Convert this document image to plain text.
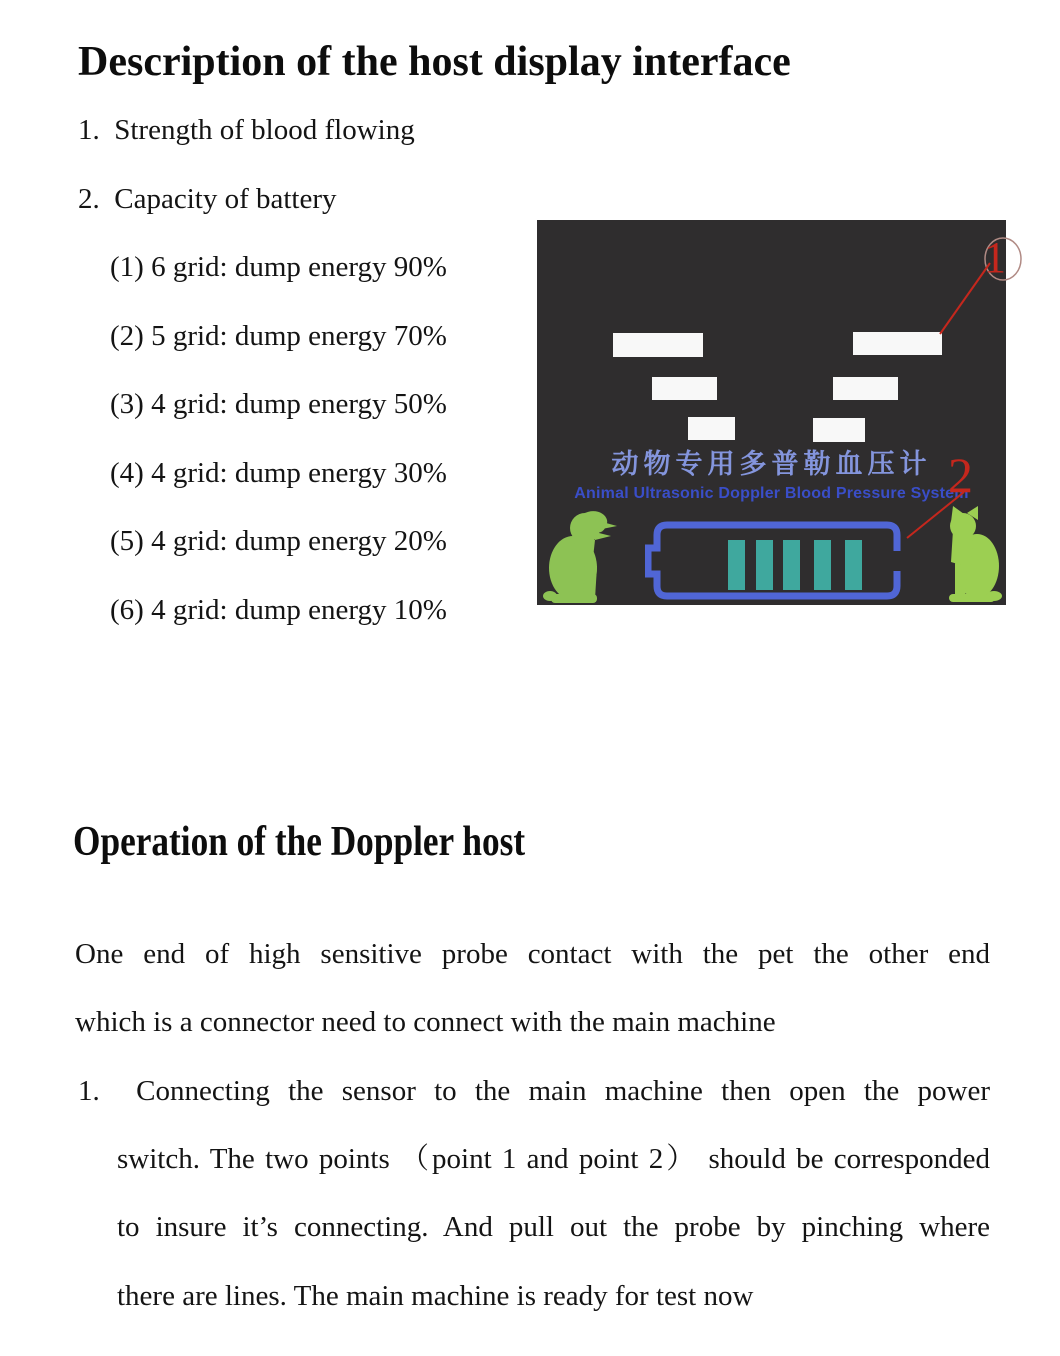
Description of the host display interface
1.  Strength of blood flowing
2.  Capacity of battery
(1) 6 grid: dump energy 90%
(2) 5 grid: dump energy 70%
(3) 4 grid: dump energy 50%
(4) 4 grid: dump energy 30%
(5) 4 grid: dump energy 20%
(6) 4 grid: dump energy 10%
动物专用多普勒血压计
Animal Ultrasonic Doppler Blood Pressure System
1
2
Operation of the Doppler host
One end of high sensitive probe contact with the pet the other end
which is a connector need to connect with the main machine
1.  Connecting the sensor to the main machine then open the power
switch. The two points （point 1 and point 2） should be corresponded
to insure it’s connecting. And pull out the probe by pinching where
there are lines. The main machine is ready for test now
